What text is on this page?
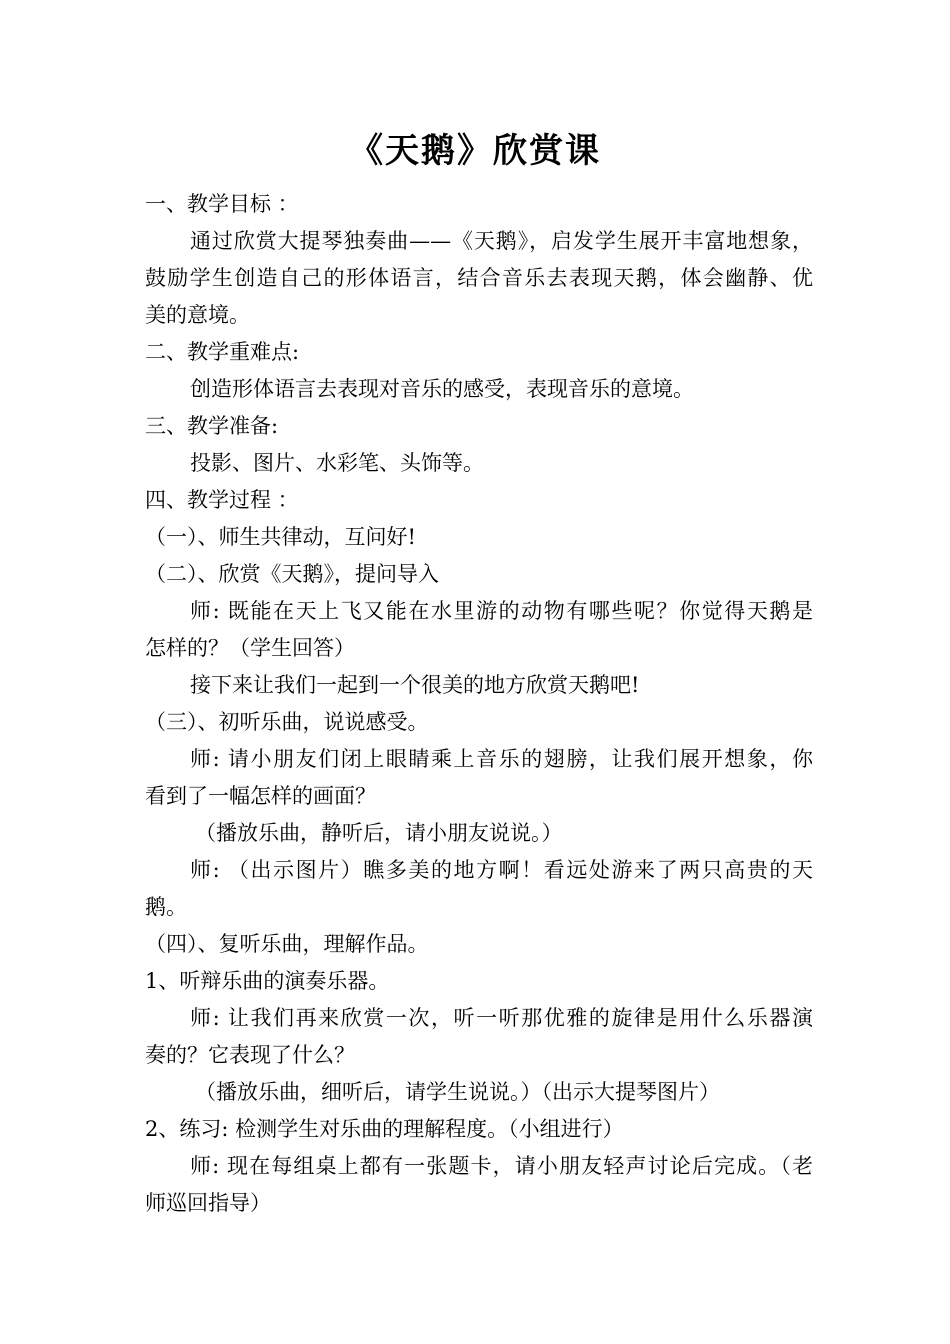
《天鹅》欣赏课
一、教学目标 ：
通过欣赏大提琴独奏曲——《天鹅》，启发学生展开丰富地想象，
鼓励学生创造自己的形体语言，结合音乐去表现天鹅，体会幽静、优
美的意境。
二、教学重难点:
创造形体语言去表现对音乐的感受，表现音乐的意境。
三、教学准备:
投影、图片、水彩笔、头饰等。
四、教学过程 ：
（一）、师生共律动，互问好!
（二）、欣赏《天鹅》，提问导入
师: 既能在天上飞又能在水里游的动物有哪些呢？你觉得天鹅是
怎样的？（学生回答）
接下来让我们一起到一个很美的地方欣赏天鹅吧!
（三）、初听乐曲，说说感受。
师: 请小朋友们闭上眼睛乘上音乐的翅膀，让我们展开想象，你
看到了一幅怎样的画面？
（播放乐曲，静听后，请小朋友说说。）
师: （出示图片）瞧多美的地方啊！看远处游来了两只高贵的天
鹅。
（四）、复听乐曲，理解作品。
1、听辩乐曲的演奏乐器。
师: 让我们再来欣赏一次，听一听那优雅的旋律是用什么乐器演
奏的？它表现了什么？
（播放乐曲，细听后，请学生说说。）（出示大提琴图片）
2、练习: 检测学生对乐曲的理解程度。（小组进行）
师: 现在每组桌上都有一张题卡，请小朋友轻声讨论后完成。（老
师巡回指导）
